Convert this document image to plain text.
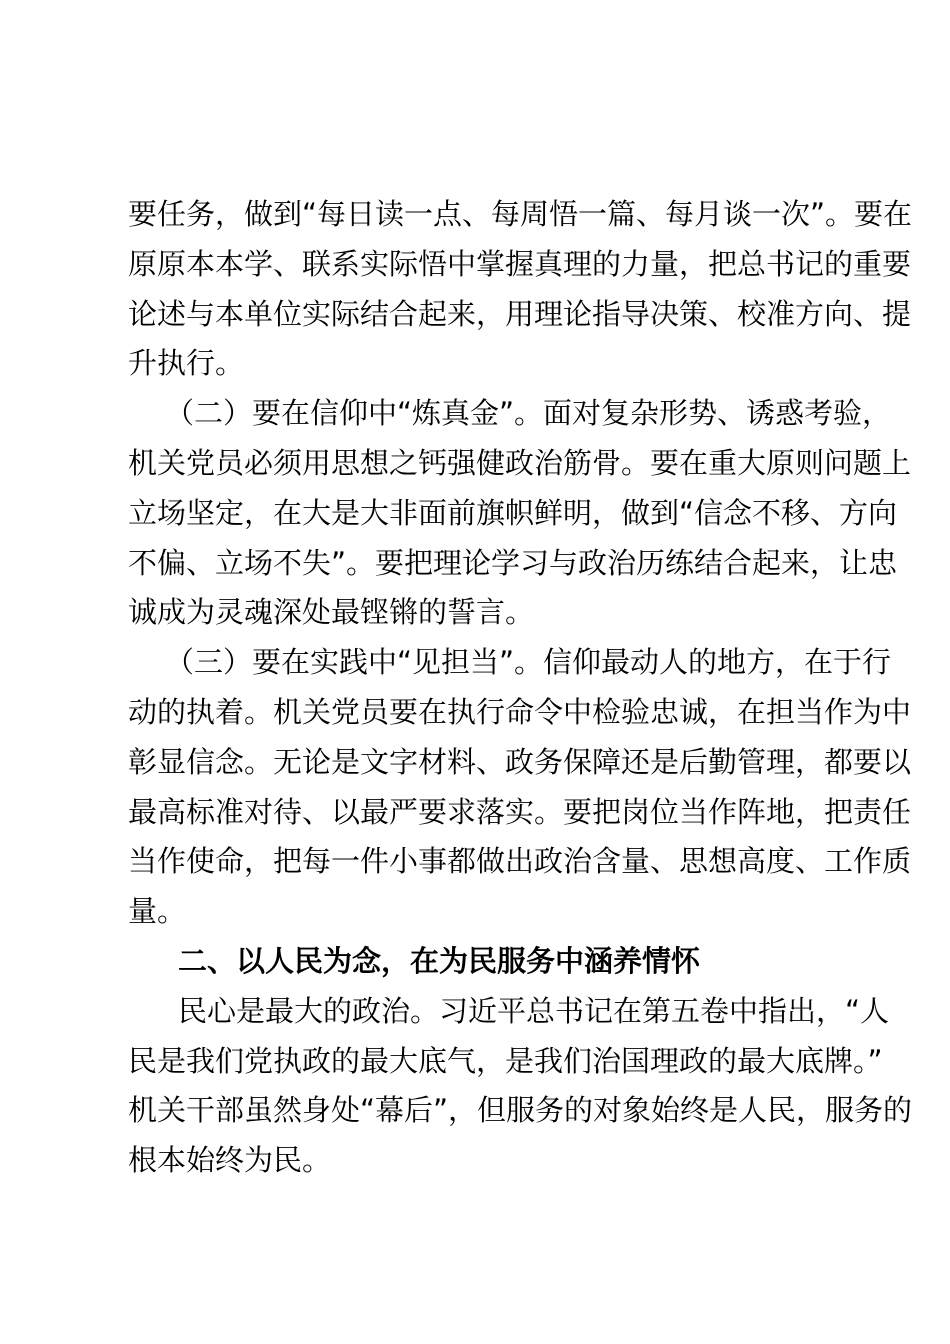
要任务，做到“每日读一点、每周悟一篇、每月谈一次”。要在
原原本本学、联系实际悟中掌握真理的力量，把总书记的重要
论述与本单位实际结合起来，用理论指导决策、校准方向、提
升执行。
（二）要在信仰中“炼真金”。面对复杂形势、诱惑考验，
机关党员必须用思想之钙强健政治筋骨。要在重大原则问题上
立场坚定，在大是大非面前旗帜鲜明，做到“信念不移、方向
不偏、立场不失”。要把理论学习与政治历练结合起来，让忠
诚成为灵魂深处最铿锵的誓言。
（三）要在实践中“见担当”。信仰最动人的地方，在于行
动的执着。机关党员要在执行命令中检验忠诚，在担当作为中
彰显信念。无论是文字材料、政务保障还是后勤管理，都要以
最高标准对待、以最严要求落实。要把岗位当作阵地，把责任
当作使命，把每一件小事都做出政治含量、思想高度、工作质
量。
二、以人民为念，在为民服务中涵养情怀
民心是最大的政治。习近平总书记在第五卷中指出，“人
民是我们党执政的最大底气，是我们治国理政的最大底牌。”
机关干部虽然身处“幕后”，但服务的对象始终是人民，服务的
根本始终为民。
